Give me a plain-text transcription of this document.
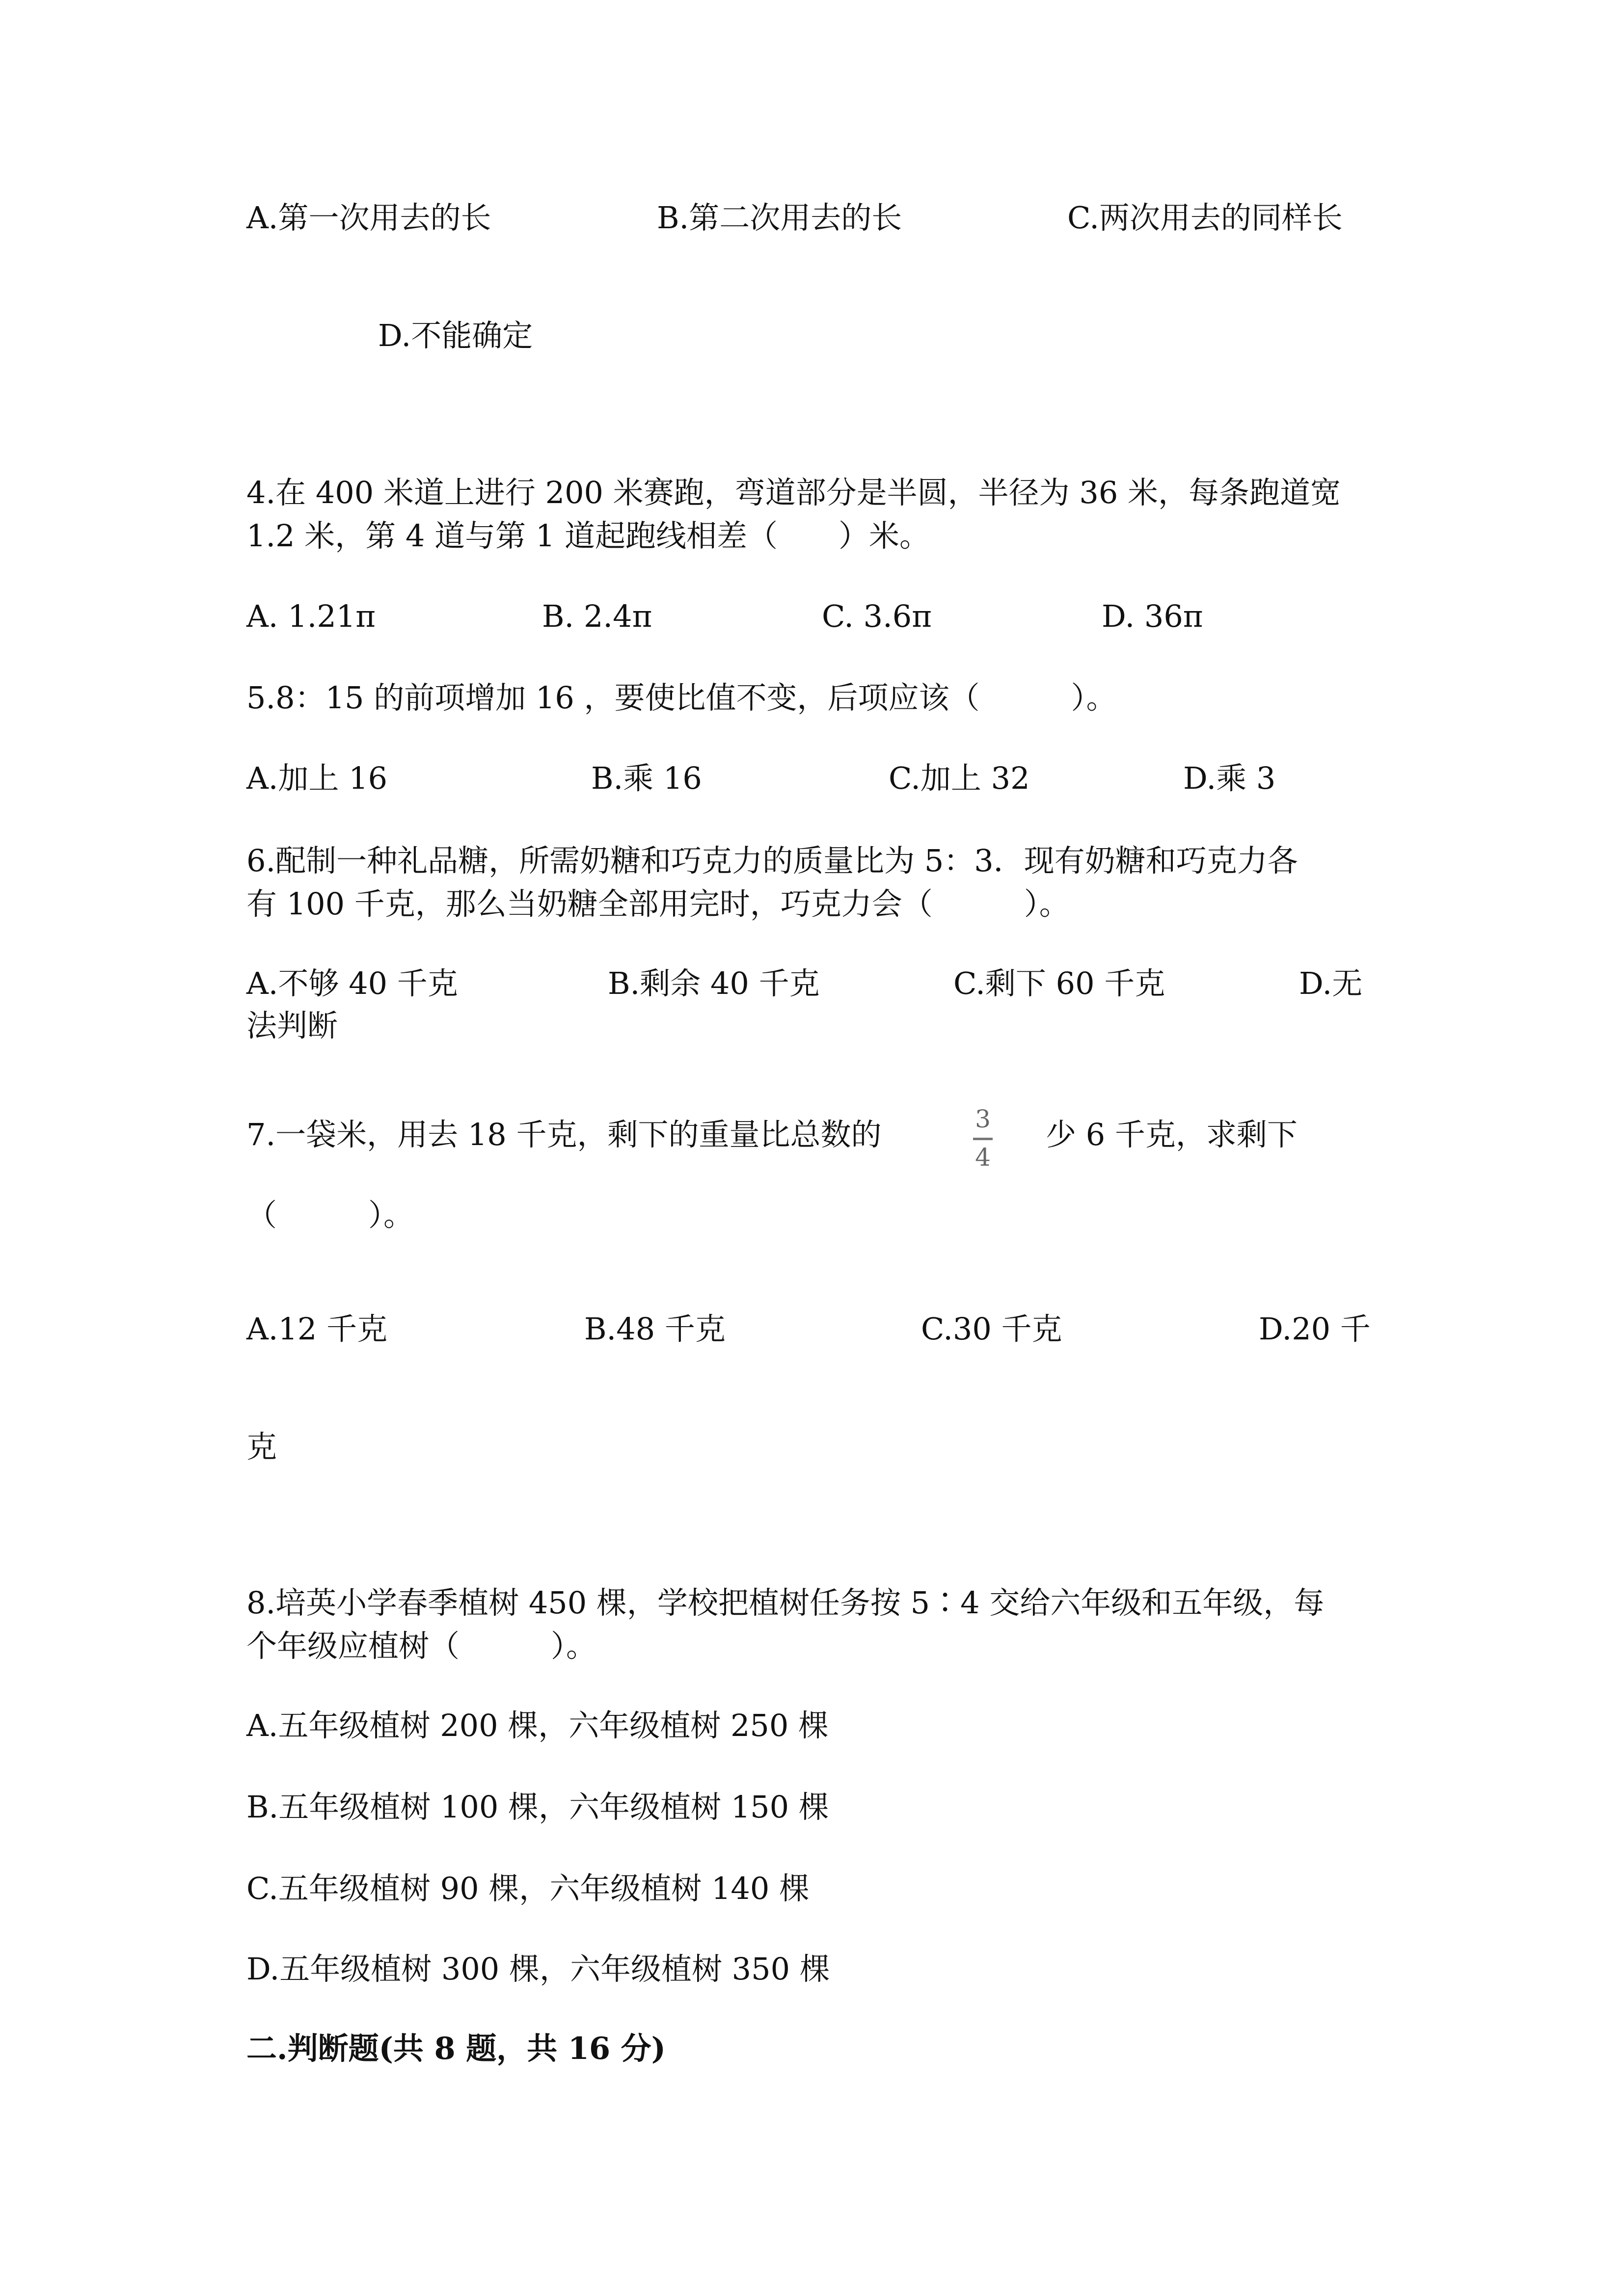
A.第一次用去的长	B.第二次用去的长	C.两次用去的同样长
D.不能确定
4.在 400 米道上进行 200 米赛跑，弯道部分是半圆，半径为 36 米，每条跑道宽
1.2 米，第 4 道与第 1 道起跑线相差（　　）米。
A. 1.21π	B. 2.4π	C. 3.6π	D. 36π
5.8：15 的前项增加 16 ，要使比值不变，后项应该（　　　）。
A.加上 16	B.乘 16	C.加上 32	D.乘 3
6.配制一种礼品糖，所需奶糖和巧克力的质量比为 5：3．现有奶糖和巧克力各
有 100 千克，那么当奶糖全部用完时，巧克力会（　　　）。
A.不够 40 千克	B.剩余 40 千克	C.剩下 60 千克	D.无
法判断
7.一袋米，用去 18 千克，剩下的重量比总数的	3
4
少 6 千克，求剩下
（　　　）。
A.12 千克	B.48 千克	C.30 千克	D.20 千
克
8.培英小学春季植树 450 棵，学校把植树任务按 5∶4 交给六年级和五年级，每
个年级应植树（　　　）。
A.五年级植树 200 棵，六年级植树 250 棵
B.五年级植树 100 棵，六年级植树 150 棵
C.五年级植树 90 棵，六年级植树 140 棵
D.五年级植树 300 棵，六年级植树 350 棵
二.判断题(共 8 题，共 16 分)
